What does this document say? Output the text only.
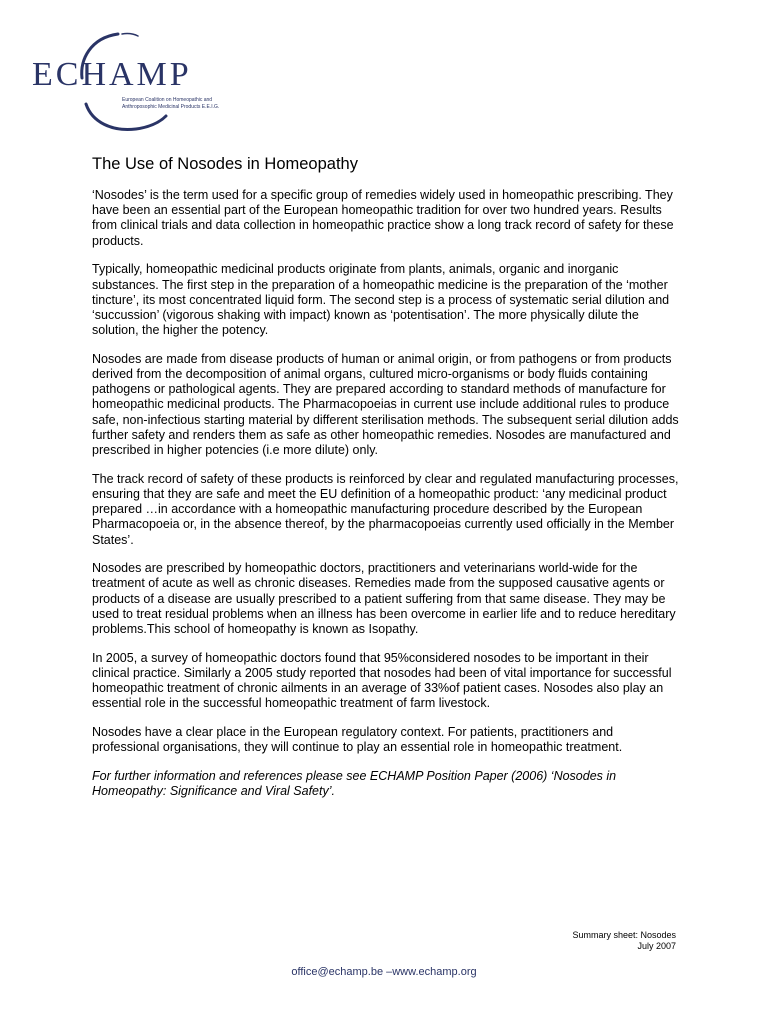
ECHAMP
European Coalition on Homeopathic and
Anthroposophic Medicinal Products E.E.I.G.
The Use of Nosodes in Homeopathy

‘Nosodes’ is the term used for a specific group of remedies widely used in homeopathic prescribing. They have been an essential part of the European homeopathic tradition for over two hundred years. Results from clinical trials and data collection in homeopathic practice show a long track record of safety for these products.

Typically, homeopathic medicinal products originate from plants, animals, organic and inorganic substances. The first step in the preparation of a homeopathic medicine is the preparation of the ‘mother tincture’, its most concentrated liquid form. The second step is a process of systematic serial dilution and ‘succussion’ (vigorous shaking with impact) known as ‘potentisation’. The more physically dilute the solution, the higher the potency.

Nosodes are made from disease products of human or animal origin, or from pathogens or from products derived from the decomposition of animal organs, cultured micro-organisms or body fluids containing pathogens or pathological agents. They are prepared according to standard methods of manufacture for homeopathic medicinal products. The Pharmacopoeias in current use include additional rules to produce safe, non-infectious starting material by different sterilisation methods. The subsequent serial dilution adds further safety and renders them as safe as other homeopathic remedies. Nosodes are manufactured and prescribed in higher potencies (i.e more dilute) only.

The track record of safety of these products is reinforced by clear and regulated manufacturing processes, ensuring that they are safe and meet the EU definition of a homeopathic product: ‘any medicinal product prepared …in accordance with a homeopathic manufacturing procedure described by the European Pharmacopoeia or, in the absence thereof, by the pharmacopoeias currently used officially in the Member States’.

Nosodes are prescribed by homeopathic doctors, practitioners and veterinarians world-wide for the treatment of acute as well as chronic diseases. Remedies made from the supposed causative agents or products of a disease are usually prescribed to a patient suffering from that same disease. They may be used to treat residual problems when an illness has been overcome in earlier life and to reduce hereditary problems.This school of homeopathy is known as Isopathy.

In 2005, a survey of homeopathic doctors found that 95%considered nosodes to be important in their clinical practice. Similarly a 2005 study reported that nosodes had been of vital importance for successful homeopathic treatment of chronic ailments in an average of 33%of patient cases. Nosodes also play an essential role in the successful homeopathic treatment of farm livestock.

Nosodes have a clear place in the European regulatory context. For patients, practitioners and professional organisations, they will continue to play an essential role in homeopathic treatment.

For further information and references please see ECHAMP Position Paper (2006) ‘Nosodes in Homeopathy: Significance and Viral Safety’.

Summary sheet: Nosodes
July 2007
office@echamp.be –www.echamp.org
